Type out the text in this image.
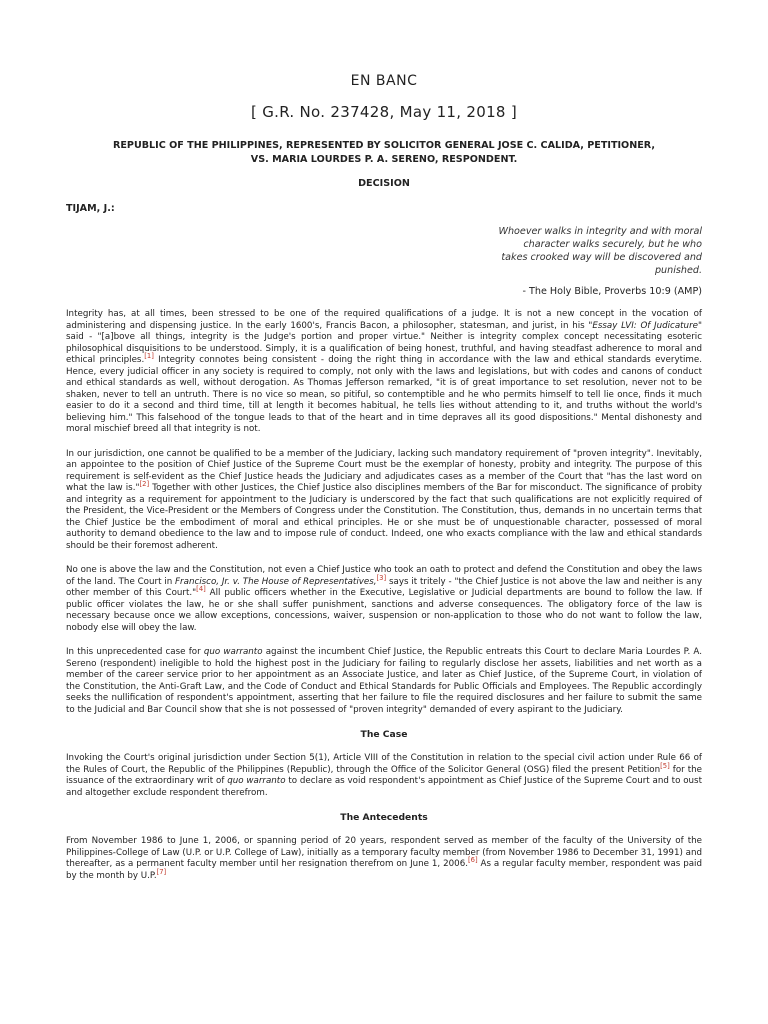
EN BANC
[ G.R. No. 237428, May 11, 2018 ]
REPUBLIC OF THE PHILIPPINES, REPRESENTED BY SOLICITOR GENERAL JOSE C. CALIDA, PETITIONER,
VS. MARIA LOURDES P. A. SERENO, RESPONDENT.
DECISION
TIJAM, J.:
Whoever walks in integrity and with moral
character walks securely, but he who
takes crooked way will be discovered and
punished.
- The Holy Bible, Proverbs 10:9 (AMP)

Integrity has, at all times, been stressed to be one of the required qualifications of a judge. It is not a new concept in the vocation of administering and dispensing justice. In the early 1600's, Francis Bacon, a philosopher, statesman, and jurist, in his "Essay LVI: Of Judicature" said - "[a]bove all things, integrity is the Judge's portion and proper virtue." Neither is integrity complex concept necessitating esoteric philosophical disquisitions to be understood. Simply, it is a qualification of being honest, truthful, and having steadfast adherence to moral and ethical principles.[1] Integrity connotes being consistent - doing the right thing in accordance with the law and ethical standards everytime. Hence, every judicial officer in any society is required to comply, not only with the laws and legislations, but with codes and canons of conduct and ethical standards as well, without derogation. As Thomas Jefferson remarked, "it is of great importance to set resolution, never not to be shaken, never to tell an untruth. There is no vice so mean, so pitiful, so contemptible and he who permits himself to tell lie once, finds it much easier to do it a second and third time, till at length it becomes habitual, he tells lies without attending to it, and truths without the world's believing him." This falsehood of the tongue leads to that of the heart and in time depraves all its good dispositions." Mental dishonesty and moral mischief breed all that integrity is not.

In our jurisdiction, one cannot be qualified to be a member of the Judiciary, lacking such mandatory requirement of "proven integrity". Inevitably, an appointee to the position of Chief Justice of the Supreme Court must be the exemplar of honesty, probity and integrity. The purpose of this requirement is self-evident as the Chief Justice heads the Judiciary and adjudicates cases as a member of the Court that "has the last word on what the law is."[2] Together with other Justices, the Chief Justice also disciplines members of the Bar for misconduct. The significance of probity and integrity as a requirement for appointment to the Judiciary is underscored by the fact that such qualifications are not explicitly required of the President, the Vice-President or the Members of Congress under the Constitution. The Constitution, thus, demands in no uncertain terms that the Chief Justice be the embodiment of moral and ethical principles. He or she must be of unquestionable character, possessed of moral authority to demand obedience to the law and to impose rule of conduct. Indeed, one who exacts compliance with the law and ethical standards should be their foremost adherent.

No one is above the law and the Constitution, not even a Chief Justice who took an oath to protect and defend the Constitution and obey the laws of the land. The Court in Francisco, Jr. v. The House of Representatives,[3] says it tritely - "the Chief Justice is not above the law and neither is any other member of this Court."[4] All public officers whether in the Executive, Legislative or Judicial departments are bound to follow the law. If public officer violates the law, he or she shall suffer punishment, sanctions and adverse consequences. The obligatory force of the law is necessary because once we allow exceptions, concessions, waiver, suspension or non-application to those who do not want to follow the law, nobody else will obey the law.

In this unprecedented case for quo warranto against the incumbent Chief Justice, the Republic entreats this Court to declare Maria Lourdes P. A. Sereno (respondent) ineligible to hold the highest post in the Judiciary for failing to regularly disclose her assets, liabilities and net worth as a member of the career service prior to her appointment as an Associate Justice, and later as Chief Justice, of the Supreme Court, in violation of the Constitution, the Anti-Graft Law, and the Code of Conduct and Ethical Standards for Public Officials and Employees. The Republic accordingly seeks the nullification of respondent's appointment, asserting that her failure to file the required disclosures and her failure to submit the same to the Judicial and Bar Council show that she is not possessed of "proven integrity" demanded of every aspirant to the Judiciary.

The Case

Invoking the Court's original jurisdiction under Section 5(1), Article VIII of the Constitution in relation to the special civil action under Rule 66 of the Rules of Court, the Republic of the Philippines (Republic), through the Office of the Solicitor General (OSG) filed the present Petition[5] for the issuance of the extraordinary writ of quo warranto to declare as void respondent's appointment as Chief Justice of the Supreme Court and to oust and altogether exclude respondent therefrom.

The Antecedents

From November 1986 to June 1, 2006, or spanning period of 20 years, respondent served as member of the faculty of the University of the Philippines-College of Law (U.P. or U.P. College of Law), initially as a temporary faculty member (from November 1986 to December 31, 1991) and thereafter, as a permanent faculty member until her resignation therefrom on June 1, 2006.[6] As a regular faculty member, respondent was paid by the month by U.P.[7]
